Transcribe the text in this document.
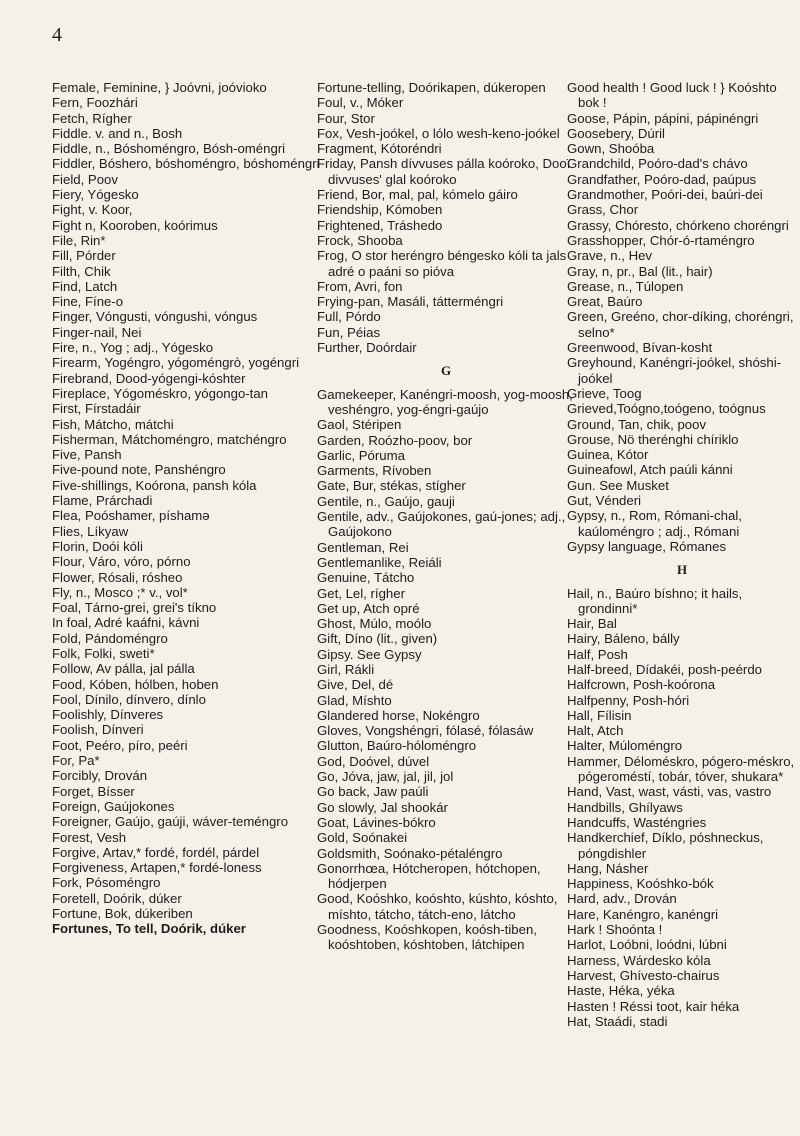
4
Female, Feminine, } Joóvni, joóvioko
Fern, Foozhári
Fetch, Rígher
Fiddle. v. and n., Bosh
Fiddle, n., Bóshoméngro, Bósh-oméngri
Fiddler, Bóshero, bóshoméngro, bóshoméngri
Field, Poov
Fiery, Yógesko
Fight, v. Koor,
Fight n, Kooroben, koórimus
File, Rin*
Fill, Pórder
Filth, Chik
Find, Latch
Fine, Fíne-o
Finger, Vóngusti, vóngushi, vóngus
Finger-nail, Nei
Fire, n., Yog ; adj., Yógesko
Firearm, Yogéngro, yógoméngrò, yogéngri
Firebrand, Dood-yógengi-kóshter
Fireplace, Yógoméskro, yógongo-tan
First, Fírstadáir
Fish, Mátcho, mátchi
Fisherman, Mátchoméngro, matchéngro
Five, Pansh
Five-pound note, Panshéngro
Five-shillings, Koórona, pansh kóla
Flame, Prárchadi
Flea, Poóshamer, píshamǝ
Flies, Líkyaw
Florin, Doói kóli
Flour, Váro, vóro, pórno
Flower, Rósali, rósheo
Fly, n., Mosco ;* v., vol*
Foal, Tárno-grei, grei's tíkno
In foal, Adré kaáfni, kávni
Fold, Pándoméngro
Folk, Folki, sweti*
Follow, Av pálla, jal pálla
Food, Kóben, hólben, hoben
Fool, Dínilo, dínvero, dínlo
Foolishly, Dínveres
Foolish, Dínveri
Foot, Peéro, píro, peéri
For, Pa*
Forcibly, Drován
Forget, Bísser
Foreign, Gaújokones
Foreigner, Gaújo, gaúji, wáver-teméngro
Forest, Vesh
Forgive, Artav,* fordé, fordél, párdel
Forgiveness, Artapen,* fordé-loness
Fork, Pósoméngro
Foretell, Doórik, dúker
Fortune, Bok, dúkeriben
Fortunes, To tell, Doórik, dúker
Fortune-telling, Doórikapen, dúkeropen
Foul, v., Móker
Four, Stor
Fox, Vesh-joókel, o lólo wesh-keno-joókel
Fragment, Kótoréndri
Friday, Pansh dívvuses pálla koóroko, Dooï divvuses' glal koóroko
Friend, Bor, mal, pal, kómelo gáiro
Friendship, Kómoben
Frightened, Tráshedo
Frock, Shooba
Frog, O stor heréngro béngesko kóli ta jals adré o paáni so pióva
From, Avri, fon
Frying-pan, Masáli, tátterméngri
Full, Pórdo
Fun, Péias
Further, Doórdair
G
Gamekeeper, Kanéngri-moosh, yog-moosh, veshéngro, yog-éngri-gaújo
Gaol, Stéripen
Garden, Roózho-poov, bor
Garlic, Póruma
Garments, Rívoben
Gate, Bur, stékas, stígher
Gentile, n., Gaújo, gauji
Gentile, adv., Gaújokones, gaú-jones; adj., Gaújokono
Gentleman, Rei
Gentlemanlike, Reiáli
Genuine, Tátcho
Get, Lel, rígher
Get up, Atch opré
Ghost, Múlo, moólo
Gift, Díno (lit., given)
Gipsy. See Gypsy
Girl, Rákli
Give, Del, dé
Glad, Míshto
Glandered horse, Nokéngro
Gloves, Vongshéngri, fólasé, fólasáw
Glutton, Baúro-hóloméngro
God, Doóvel, dúvel
Go, Jóva, jaw, jal, jil, jol
Go back, Jaw paúli
Go slowly, Jal shookár
Goat, Lávines-bókro
Gold, Soónakei
Goldsmith, Soónako-pétaléngro
Gonorrhœa, Hótcheropen, hótchopen, hódjerpen
Good, Koóshko, koóshto, kúshto, kóshto, míshto, tátcho, tátch-eno, látcho
Goodness, Koóshkopen, koósh-tiben, koóshtoben, kóshtoben, látchipen
Good health ! Good luck ! } Koóshto bok !
Goose, Pápin, pápini, pápinéngri
Goosebery, Dúril
Gown, Shoóba
Grandchild, Poóro-dad's chávo
Grandfather, Poóro-dad, paúpus
Grandmother, Poóri-dei, baúri-dei
Grass, Chor
Grassy, Chóresto, chórkeno choréngri
Grasshopper, Chór-ó-rtaméngro
Grave, n., Hev
Gray, n, pr., Bal (lit., hair)
Grease, n., Túlopen
Great, Baúro
Green, Greéno, chor-díking, choréngri, selno*
Greenwood, Bívan-kosht
Greyhound, Kanéngri-joókel, shóshi-joókel
Grieve, Toog
Grieved,Toógno,toógeno, toógnus
Ground, Tan, chik, poov
Grouse, Nö therénghi chíriklo
Guinea, Kótor
Guineafowl, Atch paúli kánni
Gun. See Musket
Gut, Vénderi
Gypsy, n., Rom, Rómani-chal, kaúloméngro ; adj., Rómani
Gypsy language, Rómanes
H
Hail, n., Baúro bíshno; it hails, grondinni*
Hair, Bal
Hairy, Báleno, bálly
Half, Posh
Half-breed, Dídakéi, posh-peérdo
Halfcrown, Posh-koórona
Halfpenny, Posh-hóri
Hall, Fílisin
Halt, Atch
Halter, Múloméngro
Hammer, Déloméskro, pógero-méskro, pógeroméstí, tobár, tóver, shukara*
Hand, Vast, wast, vásti, vas, vastro
Handbills, Ghílyaws
Handcuffs, Wasténgries
Handkerchief, Díklo, póshneckus, póngdishler
Hang, Násher
Happiness, Koóshko-bók
Hard, adv., Drován
Hare, Kanéngro, kanéngri
Hark ! Shoónta !
Harlot, Loóbni, loódni, lúbni
Harness, Wárdesko kóla
Harvest, Ghívesto-chairus
Haste, Héka, yéka
Hasten ! Réssi toot, kair héka
Hat, Staádi, stadi
